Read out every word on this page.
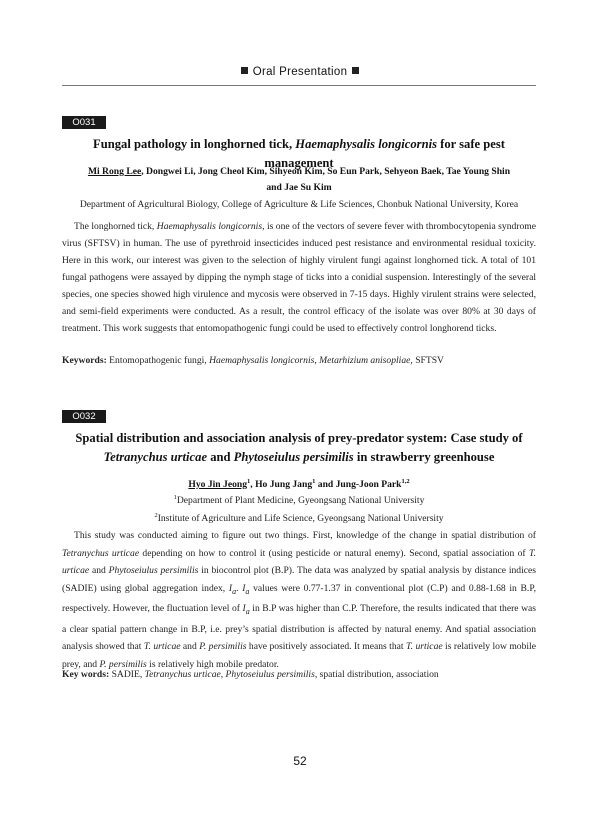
Oral Presentation
O031
Fungal pathology in longhorned tick, Haemaphysalis longicornis for safe pest management
Mi Rong Lee, Dongwei Li, Jong Cheol Kim, Sihyeon Kim, So Eun Park, Sehyeon Baek, Tae Young Shin
and Jae Su Kim
Department of Agricultural Biology, College of Agriculture & Life Sciences, Chonbuk National University, Korea

The longhorned tick, Haemaphysalis longicornis, is one of the vectors of severe fever with thrombocytopenia syndrome virus (SFTSV) in human. The use of pyrethroid insecticides induced pest resistance and environmental residual toxicity. Here in this work, our interest was given to the selection of highly virulent fungi against longhorned tick. A total of 101 fungal pathogens were assayed by dipping the nymph stage of ticks into a conidial suspension. Interestingly of the several species, one species showed high virulence and mycosis were observed in 7-15 days. Highly virulent strains were selected, and semi-field experiments were conducted. As a result, the control efficacy of the isolate was over 80% at 30 days of treatment. This work suggests that entomopathogenic fungi could be used to effectively control longhorend ticks.

Keywords: Entomopathogenic fungi, Haemaphysalis longicornis, Metarhizium anisopliae, SFTSV
O032
Spatial distribution and association analysis of prey-predator system: Case study of
Tetranychus urticae and Phytoseiulus persimilis in strawberry greenhouse
Hyo Jin Jeong$^1$, Ho Jung Jang$^1$ and Jung-Joon Park$^{1,2}$
$^1$Department of Plant Medicine, Gyeongsang National University
$^2$Institute of Agriculture and Life Science, Gyeongsang National University

This study was conducted aiming to figure out two things. First, knowledge of the change in spatial distribution of Tetranychus urticae depending on how to control it (using pesticide or natural enemy). Second, spatial association of T. urticae and Phytoseiulus persimilis in biocontrol plot (B.P). The data was analyzed by spatial analysis by distance indices (SADIE) using global aggregation index, $I_a$. $I_a$ values were 0.77-1.37 in conventional plot (C.P) and 0.88-1.68 in B.P, respectively. However, the fluctuation level of $I_a$ in B.P was higher than C.P. Therefore, the results indicated that there was a clear spatial pattern change in B.P, i.e. prey’s spatial distribution is affected by natural enemy. And spatial association analysis showed that T. urticae and P. persimilis have positively associated. It means that T. urticae is relatively low mobile prey, and P. persimilis is relatively high mobile predator.

Key words: SADIE, Tetranychus urticae, Phytoseiulus persimilis, spatial distribution, association
52
